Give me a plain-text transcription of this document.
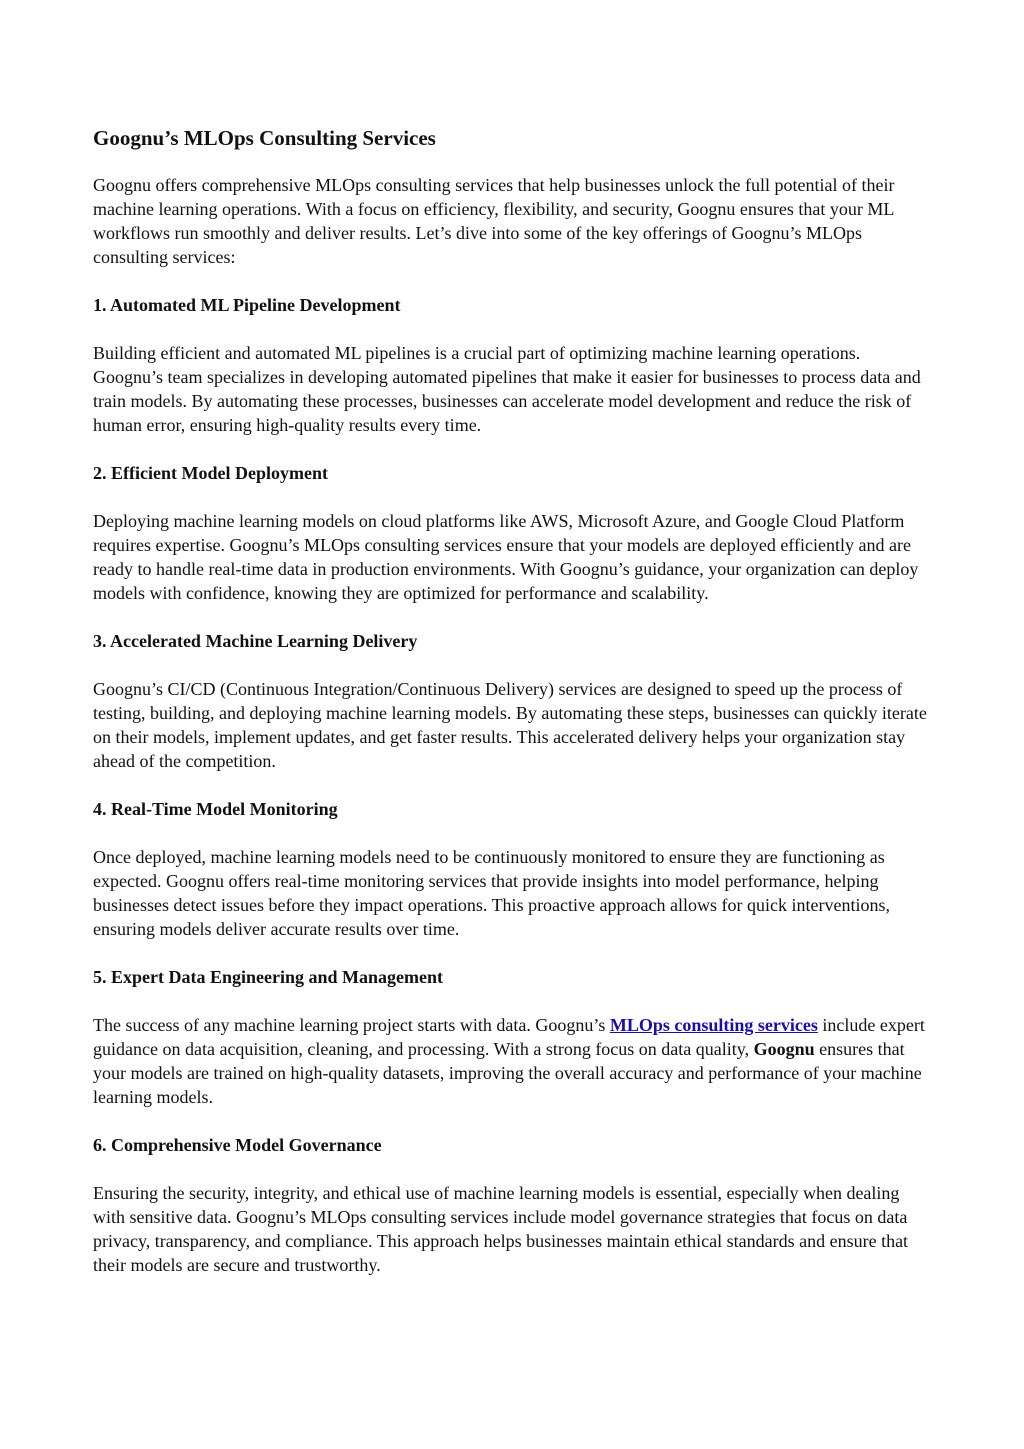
Goognu’s MLOps Consulting Services

Goognu offers comprehensive MLOps consulting services that help businesses unlock the full potential of their machine learning operations. With a focus on efficiency, flexibility, and security, Goognu ensures that your ML workflows run smoothly and deliver results. Let’s dive into some of the key offerings of Goognu’s MLOps consulting services:

1. Automated ML Pipeline Development

Building efficient and automated ML pipelines is a crucial part of optimizing machine learning operations. Goognu’s team specializes in developing automated pipelines that make it easier for businesses to process data and train models. By automating these processes, businesses can accelerate model development and reduce the risk of human error, ensuring high-quality results every time.

2. Efficient Model Deployment

Deploying machine learning models on cloud platforms like AWS, Microsoft Azure, and Google Cloud Platform requires expertise. Goognu’s MLOps consulting services ensure that your models are deployed efficiently and are ready to handle real-time data in production environments. With Goognu’s guidance, your organization can deploy models with confidence, knowing they are optimized for performance and scalability.

3. Accelerated Machine Learning Delivery

Goognu’s CI/CD (Continuous Integration/Continuous Delivery) services are designed to speed up the process of testing, building, and deploying machine learning models. By automating these steps, businesses can quickly iterate on their models, implement updates, and get faster results. This accelerated delivery helps your organization stay ahead of the competition.

4. Real-Time Model Monitoring

Once deployed, machine learning models need to be continuously monitored to ensure they are functioning as expected. Goognu offers real-time monitoring services that provide insights into model performance, helping businesses detect issues before they impact operations. This proactive approach allows for quick interventions, ensuring models deliver accurate results over time.

5. Expert Data Engineering and Management

The success of any machine learning project starts with data. Goognu’s MLOps consulting services include expert guidance on data acquisition, cleaning, and processing. With a strong focus on data quality, Goognu ensures that your models are trained on high-quality datasets, improving the overall accuracy and performance of your machine learning models.

6. Comprehensive Model Governance

Ensuring the security, integrity, and ethical use of machine learning models is essential, especially when dealing with sensitive data. Goognu’s MLOps consulting services include model governance strategies that focus on data privacy, transparency, and compliance. This approach helps businesses maintain ethical standards and ensure that their models are secure and trustworthy.
